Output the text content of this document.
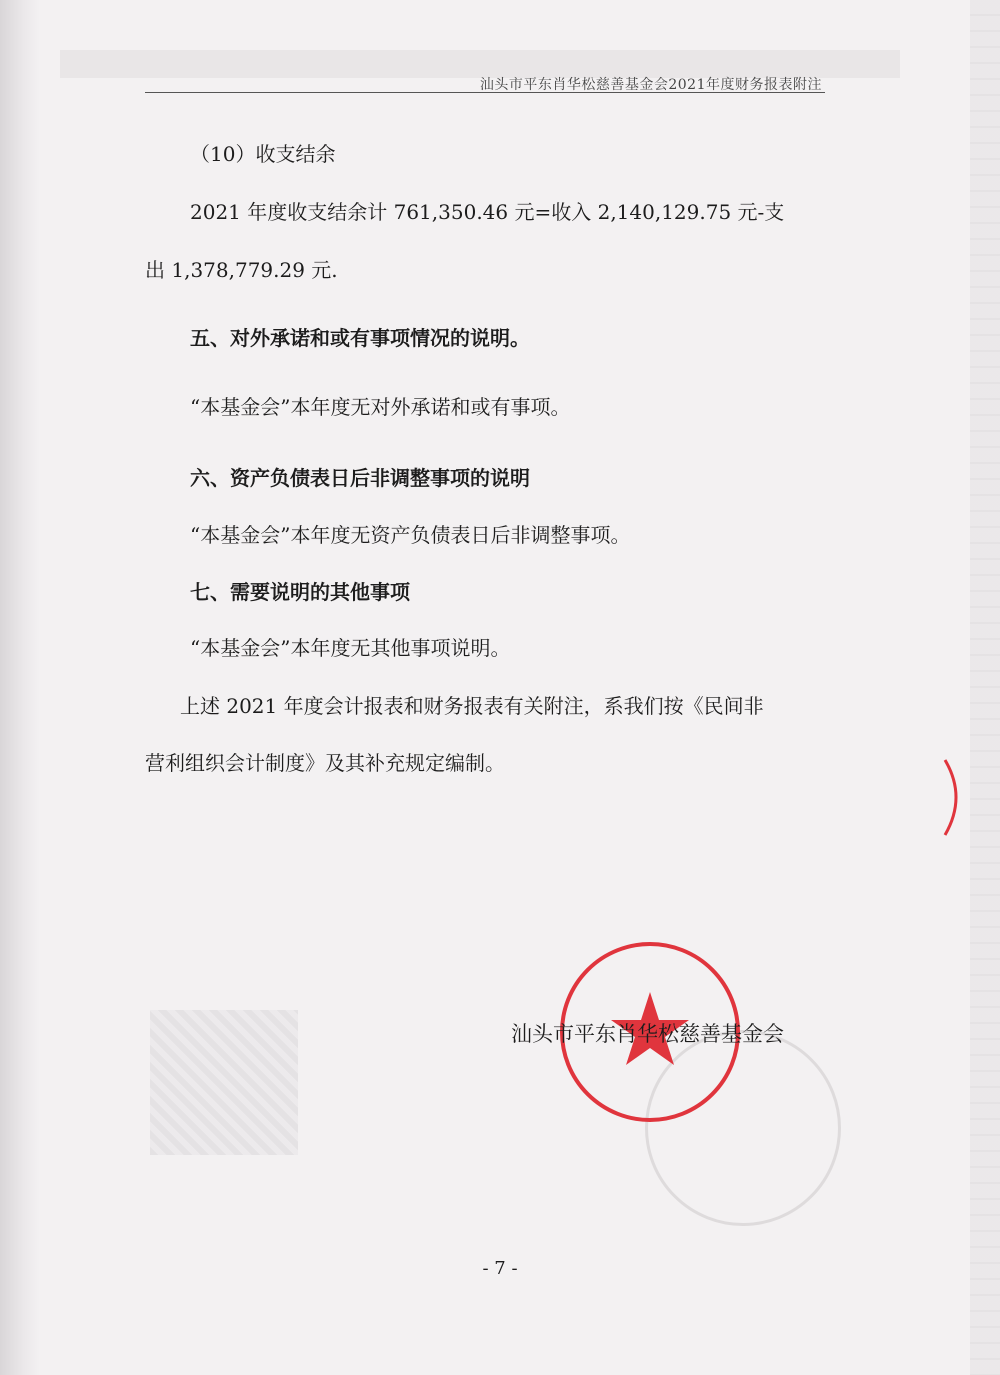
汕头市平东肖华松慈善基金会2021年度财务报表附注
（10）收支结余
2021 年度收支结余计 761,350.46 元=收入 2,140,129.75 元-支
出 1,378,779.29 元.
五、对外承诺和或有事项情况的说明。
“本基金会”本年度无对外承诺和或有事项。
六、资产负债表日后非调整事项的说明
“本基金会”本年度无资产负债表日后非调整事项。
七、需要说明的其他事项
“本基金会”本年度无其他事项说明。
上述 2021 年度会计报表和财务报表有关附注，系我们按《民间非
营利组织会计制度》及其补充规定编制。
汕头市平东肖华松慈善基金会
- 7 -
